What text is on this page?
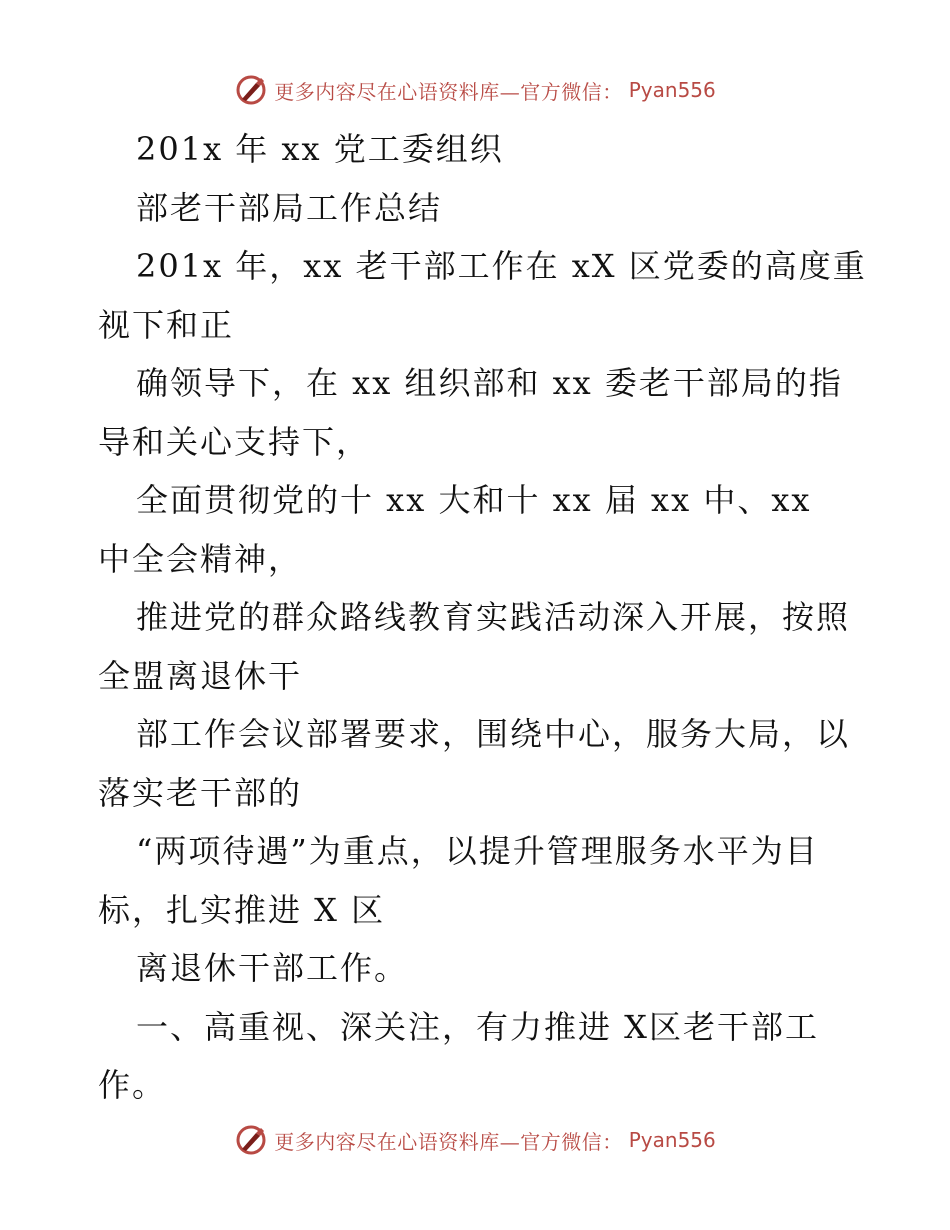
更多内容尽在心语资料库—官方微信： Pyan556
201x 年 xx 党工委组织
部老干部局工作总结
201x 年，xx 老干部工作在 xX 区党委的高度重
视下和正
确领导下，在 xx 组织部和 xx 委老干部局的指
导和关心支持下，
全面贯彻党的十 xx 大和十 xx 届 xx 中、xx
中全会精神，
推进党的群众路线教育实践活动深入开展，按照
全盟离退休干
部工作会议部署要求，围绕中心，服务大局，以
落实老干部的
“两项待遇”为重点，以提升管理服务水平为目
标，扎实推进 X 区
离退休干部工作。
一、高重视、深关注，有力推进 X区老干部工
作。
更多内容尽在心语资料库—官方微信： Pyan556
